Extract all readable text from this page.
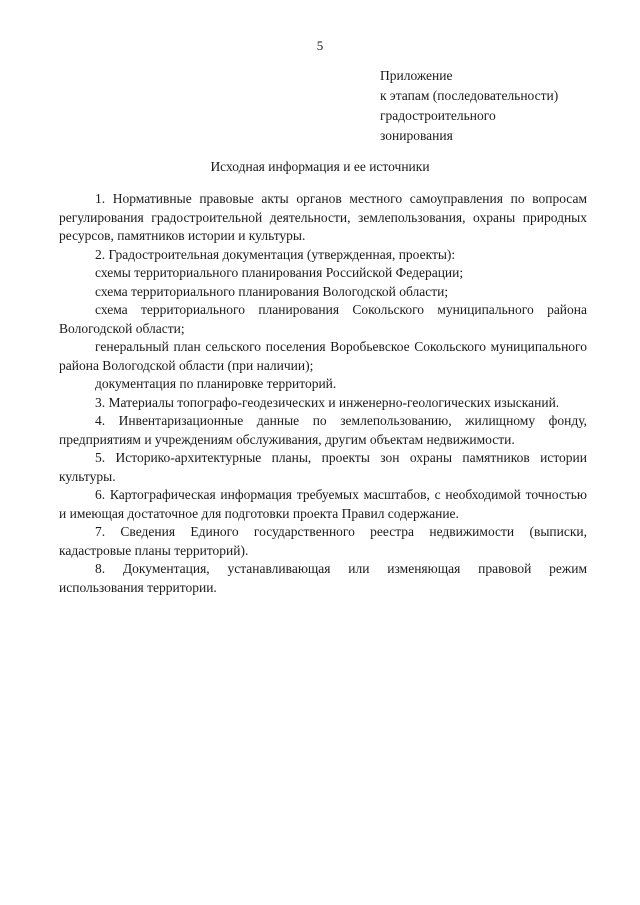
5
Приложение
к этапам (последовательности)
градостроительного
зонирования
Исходная информация и ее источники

1. Нормативные правовые акты органов местного самоуправления по вопросам регулирования градостроительной деятельности, землепользования, охраны природных ресурсов, памятников истории и культуры.

2. Градостроительная документация (утвержденная, проекты):

схемы территориального планирования Российской Федерации;

схема территориального планирования Вологодской области;

схема территориального планирования Сокольского муниципального района Вологодской области;

генеральный план сельского поселения Воробьевское Сокольского муниципального района Вологодской области (при наличии);

документация по планировке территорий.

3. Материалы топографо-геодезических и инженерно-геологических изысканий.

4. Инвентаризационные данные по землепользованию, жилищному фонду, предприятиям и учреждениям обслуживания, другим объектам недвижимости.

5. Историко-архитектурные планы, проекты зон охраны памятников истории культуры.

6. Картографическая информация требуемых масштабов, с необходимой точностью и имеющая достаточное для подготовки проекта Правил содержание.

7. Сведения Единого государственного реестра недвижимости (выписки, кадастровые планы территорий).

8. Документация, устанавливающая или изменяющая правовой режим использования территории.
